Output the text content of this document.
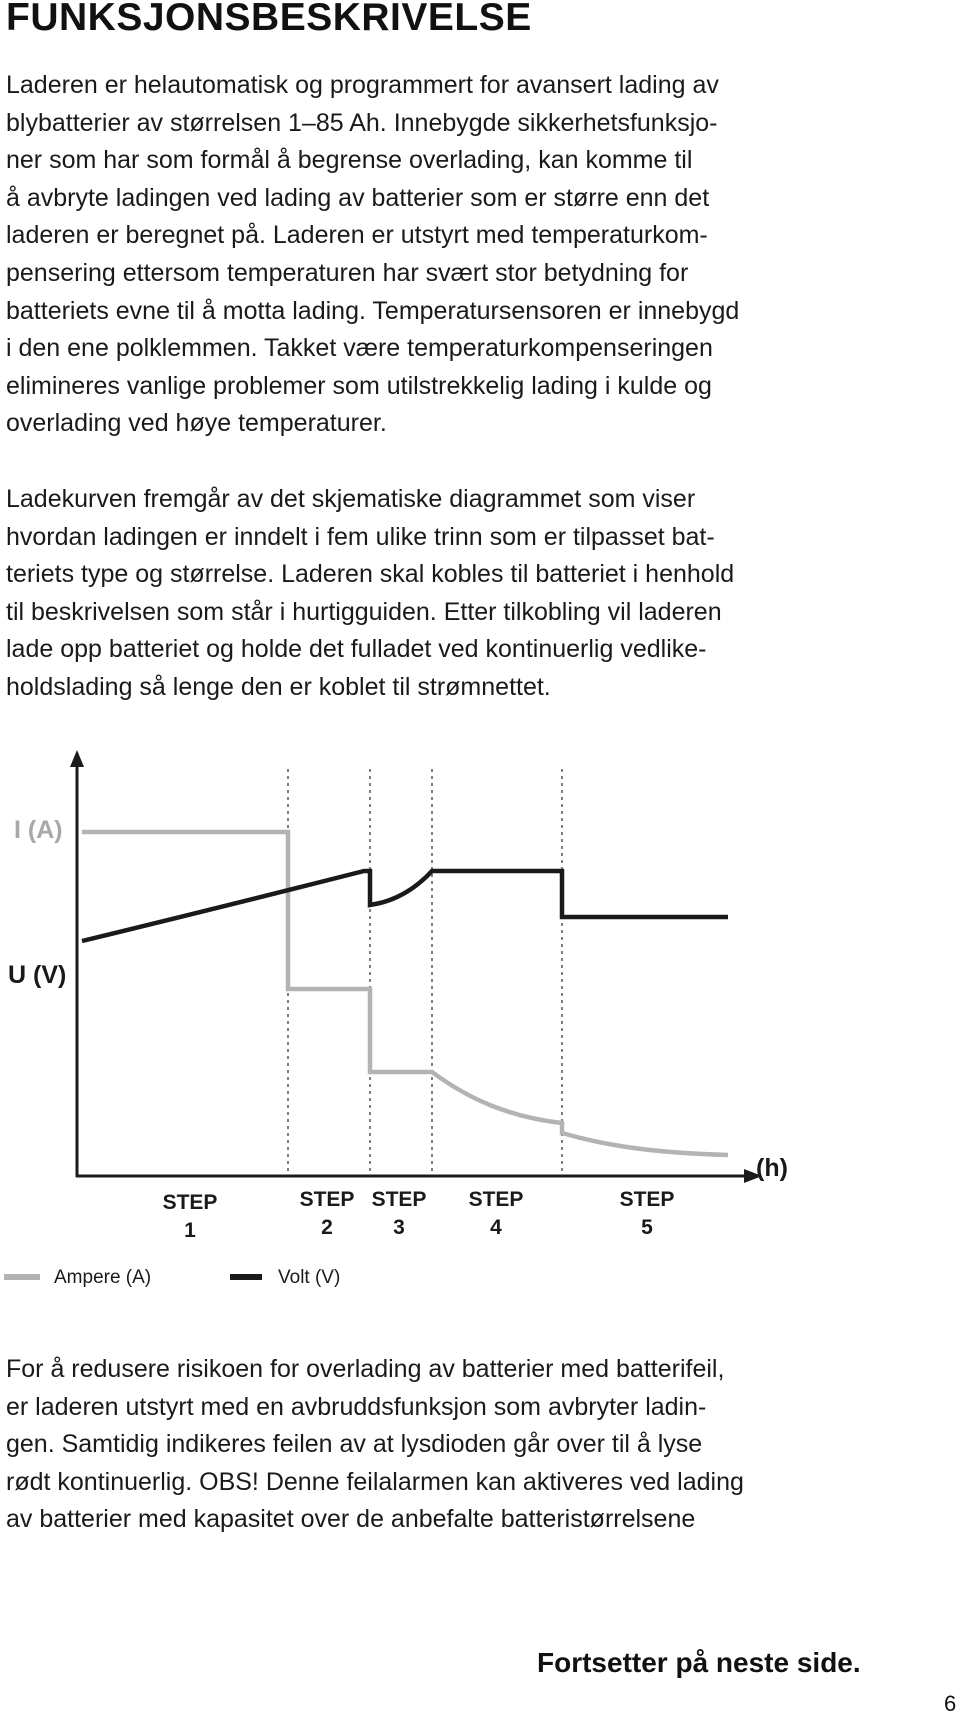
FUNKSJONSBESKRIVELSE

Laderen er helautomatisk og programmert for avansert lading av
blybatterier av størrelsen 1–85 Ah. Innebygde sikkerhetsfunksjo-
ner som har som formål å begrense overlading, kan komme til
å avbryte ladingen ved lading av batterier som er større enn det
laderen er beregnet på. Laderen er utstyrt med temperaturkom-
pensering ettersom temperaturen har svært stor betydning for
batteriets evne til å motta lading. Temperatursensoren er innebygd
i den ene polklemmen. Takket være temperaturkompenseringen
elimineres vanlige problemer som utilstrekkelig lading i kulde og
overlading ved høye temperaturer.

Ladekurven fremgår av det skjematiske diagrammet som viser
hvordan ladingen er inndelt i fem ulike trinn som er tilpasset bat-
teriets type og størrelse. Laderen skal kobles til batteriet i henhold
til beskrivelsen som står i hurtigguiden. Etter tilkobling vil laderen
lade opp batteriet og holde det fulladet ved kontinuerlig vedlike-
holdslading så lenge den er koblet til strømnettet.

I (A)
U (V)
(h)
STEP
1
STEP
2
STEP
3
STEP
4
STEP
5
Ampere (A)	Volt (V)

For å redusere risikoen for overlading av batterier med batterifeil,
er laderen utstyrt med en avbruddsfunksjon som avbryter ladin-
gen. Samtidig indikeres feilen av at lysdioden går over til å lyse
rødt kontinuerlig. OBS! Denne feilalarmen kan aktiveres ved lading
av batterier med kapasitet over de anbefalte batteristørrelsene

Fortsetter på neste side.

6
